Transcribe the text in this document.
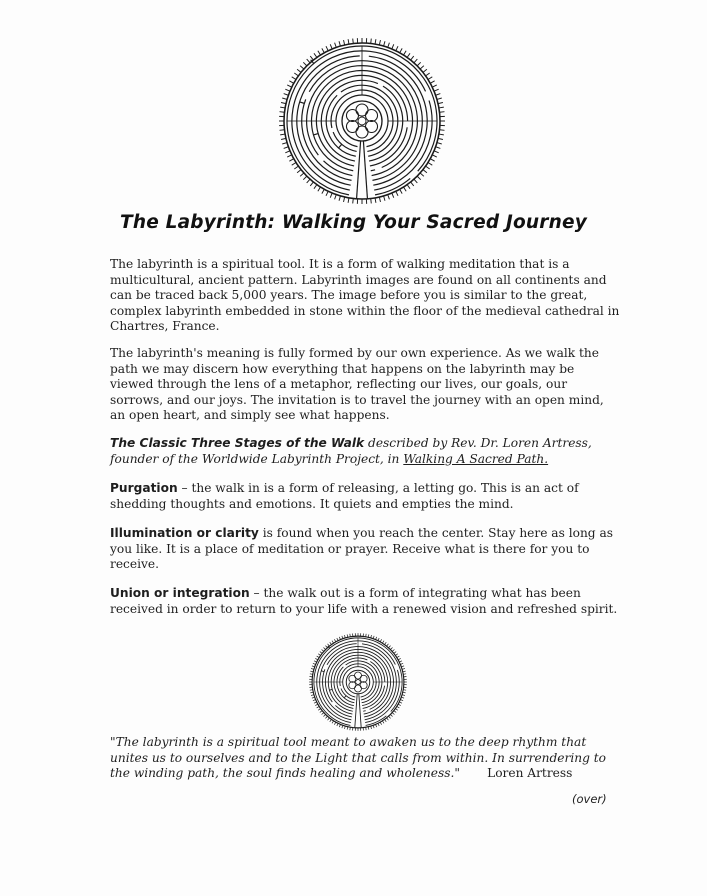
The Labyrinth: Walking Your Sacred Journey

The labyrinth is a spiritual tool. It is a form of walking meditation that is a multicultural, ancient pattern. Labyrinth images are found on all continents and can be traced back 5,000 years. The image before you is similar to the great, complex labyrinth embedded in stone within the floor of the medieval cathedral in Chartres, France.

The labyrinth's meaning is fully formed by our own experience. As we walk the path we may discern how everything that happens on the labyrinth may be viewed through the lens of a metaphor, reflecting our lives, our goals, our sorrows, and our joys. The invitation is to travel the journey with an open mind, an open heart, and simply see what happens.

The Classic Three Stages of the Walk described by Rev. Dr. Loren Artress, founder of the Worldwide Labyrinth Project, in Walking A Sacred Path.

Purgation – the walk in is a form of releasing, a letting go. This is an act of shedding thoughts and emotions. It quiets and empties the mind.

Illumination or clarity is found when you reach the center. Stay here as long as you like. It is a place of meditation or prayer. Receive what is there for you to receive.

Union or integration – the walk out is a form of integrating what has been received in order to return to your life with a renewed vision and refreshed spirit.

"The labyrinth is a spiritual tool meant to awaken us to the deep rhythm that unites us to ourselves and to the Light that calls from within. In surrendering to the winding path, the soul finds healing and wholeness." Loren Artress

(over)
